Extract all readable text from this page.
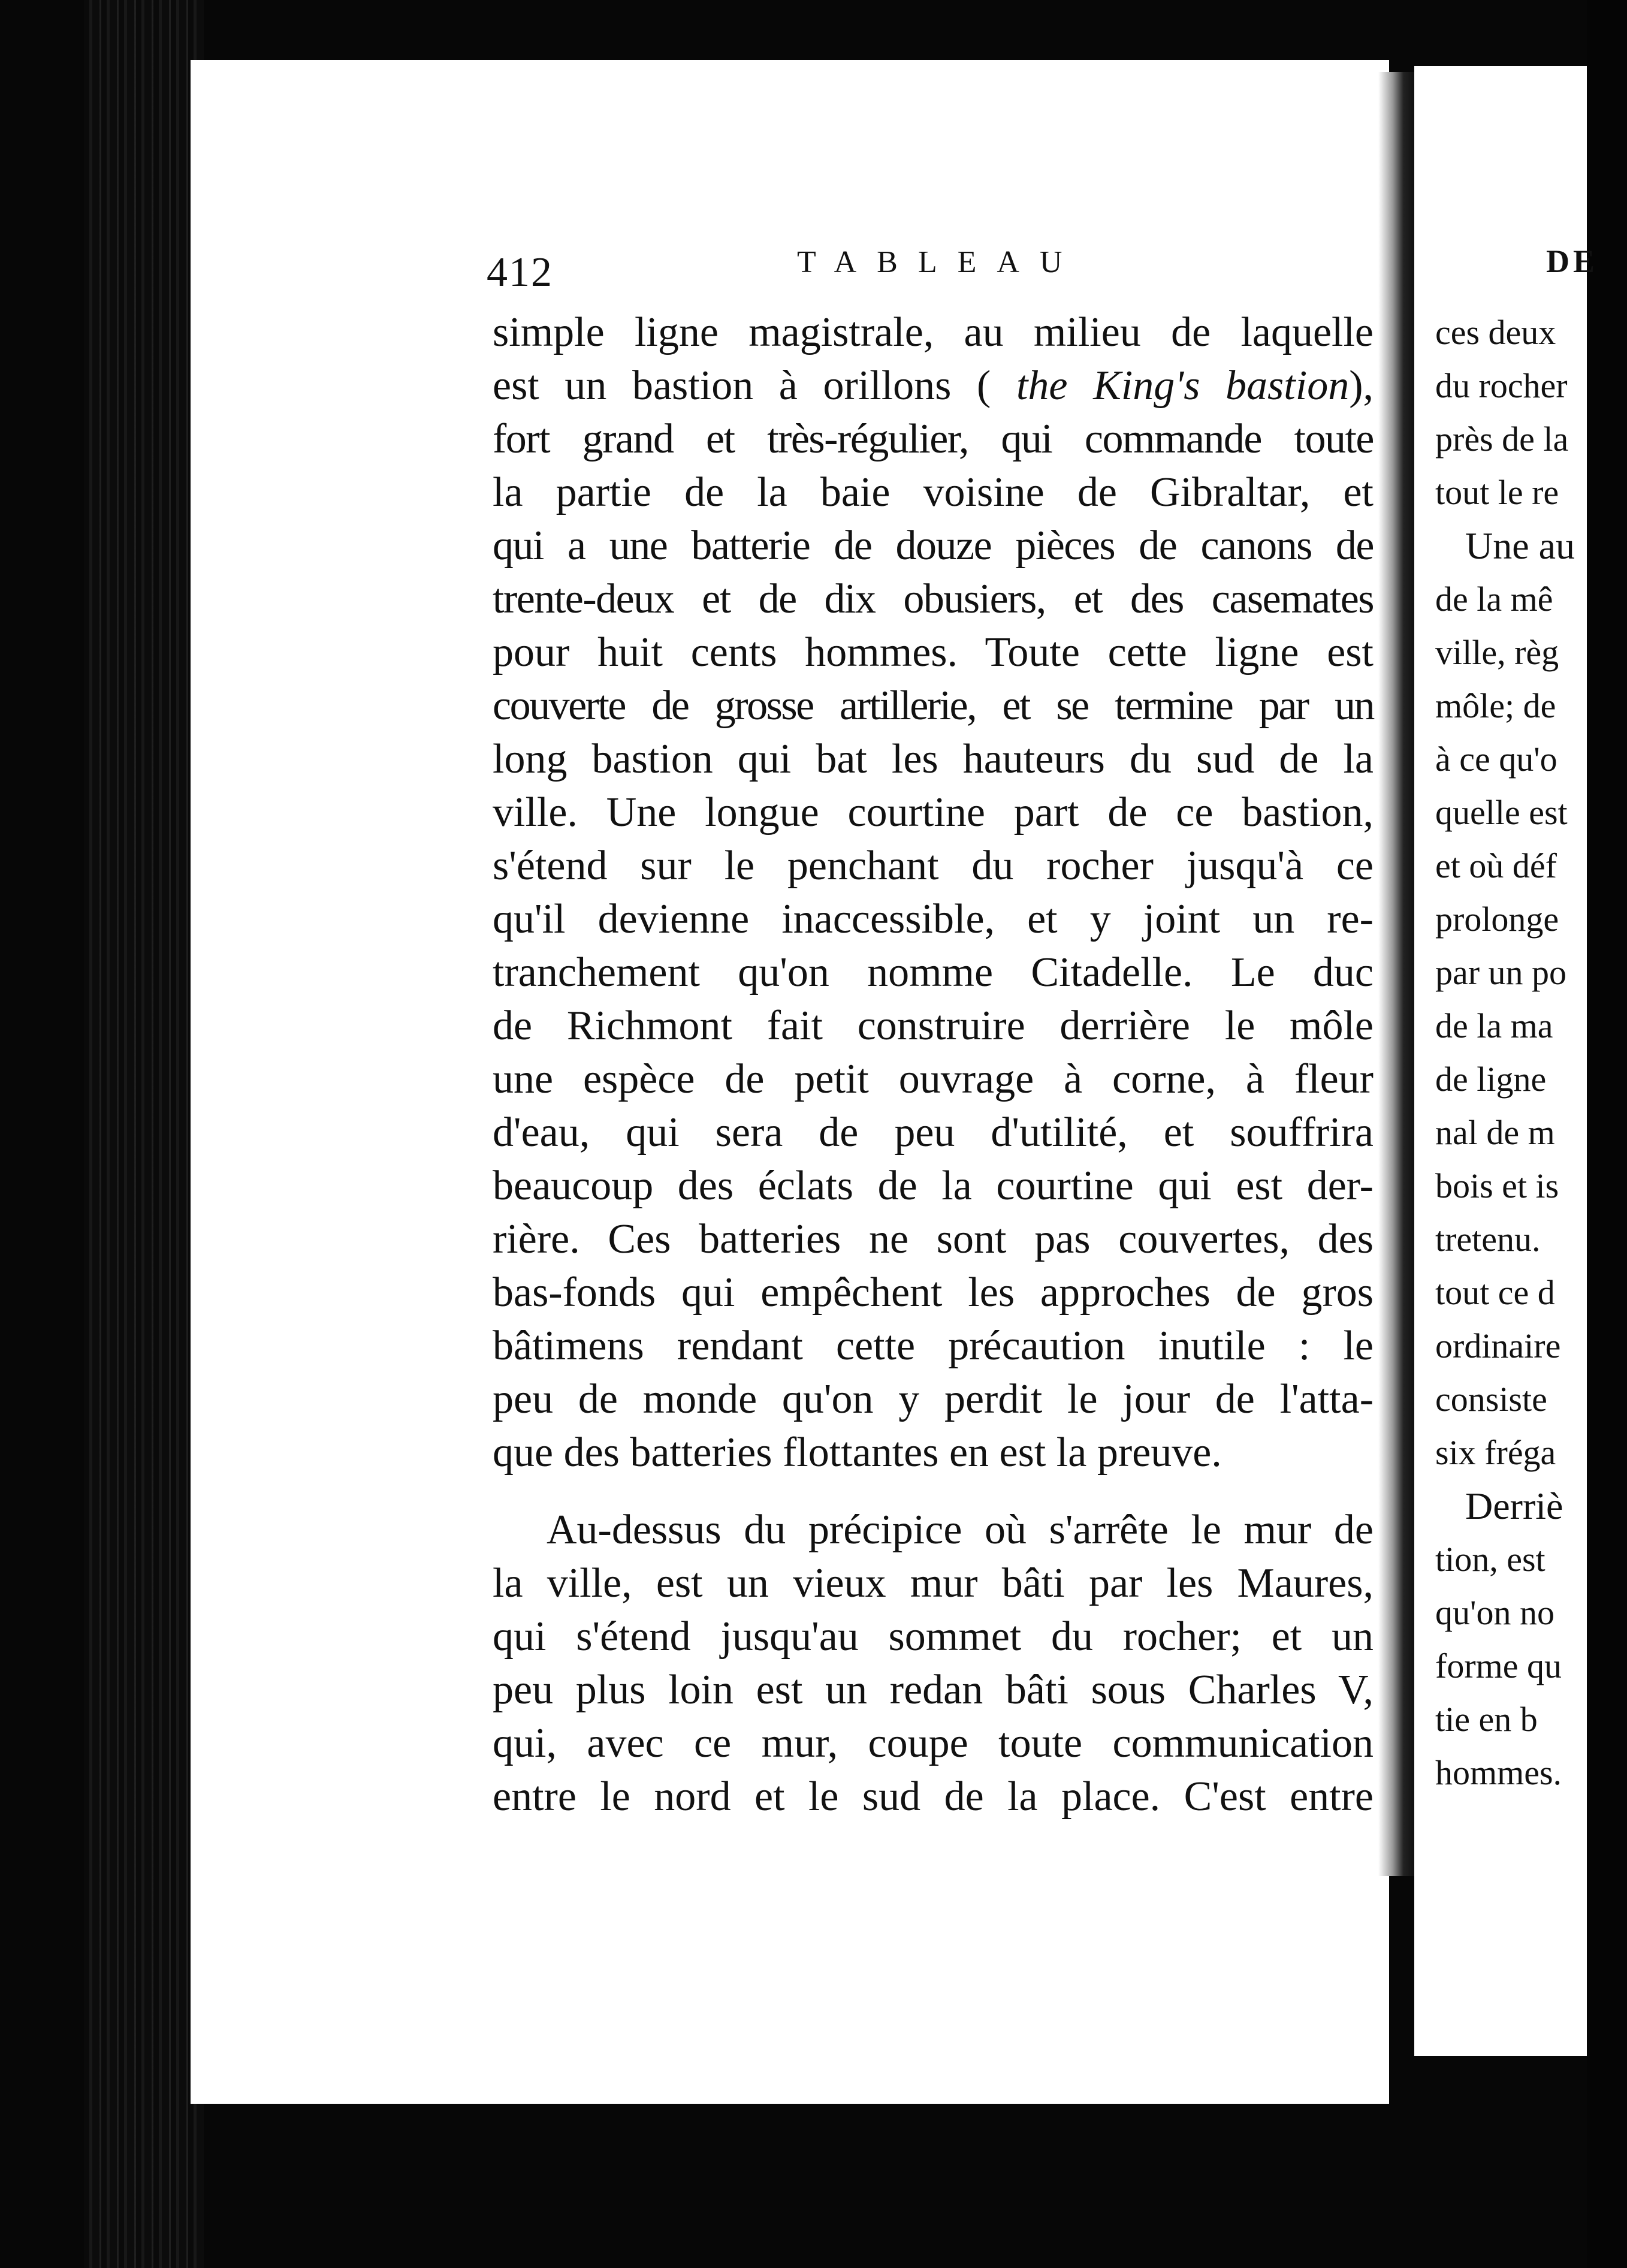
412	TABLEAU
simple ligne magistrale, au milieu de laquelle
est un bastion à orillons ( the King's bastion),
fort grand et très-régulier, qui commande toute
la partie de la baie voisine de Gibraltar, et
qui a une batterie de douze pièces de canons de
trente-deux et de dix obusiers, et des casemates
pour huit cents hommes. Toute cette ligne est
couverte de grosse artillerie, et se termine par un
long bastion qui bat les hauteurs du sud de la
ville. Une longue courtine part de ce bastion,
s'étend sur le penchant du rocher jusqu'à ce
qu'il devienne inaccessible, et y joint un re-
tranchement qu'on nomme Citadelle. Le duc
de Richmont fait construire derrière le môle
une espèce de petit ouvrage à corne, à fleur
d'eau, qui sera de peu d'utilité, et souffrira
beaucoup des éclats de la courtine qui est der-
rière. Ces batteries ne sont pas couvertes, des
bas-fonds qui empêchent les approches de gros
bâtimens rendant cette précaution inutile : le
peu de monde qu'on y perdit le jour de l'atta-
que des batteries flottantes en est la preuve.
Au-dessus du précipice où s'arrête le mur de
la ville, est un vieux mur bâti par les Maures,
qui s'étend jusqu'au sommet du rocher; et un
peu plus loin est un redan bâti sous Charles V,
qui, avec ce mur, coupe toute communication
entre le nord et le sud de la place. C'est entre
DE
ces deux
du rocher
près de la
tout le re
Une au
de la mê
ville, règ
môle; de
à ce qu'o
quelle est
et où déf
prolonge
par un po
de la ma
de ligne
nal de m
bois et is
tretenu.
tout ce d
ordinaire
consiste
six fréga
Derriè
tion, est
qu'on no
forme qu
tie en b
hommes.
